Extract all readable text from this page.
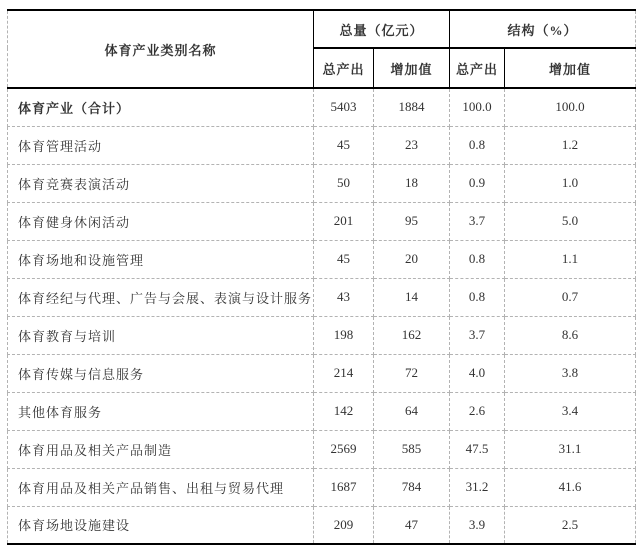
体育产业类别名称	总量（亿元）		结构（%）	
	总产出	增加值	总产出	增加值
体育产业（合计）	5403	1884	100.0	100.0
体育管理活动	45	23	0.8	1.2
体育竞赛表演活动	50	18	0.9	1.0
体育健身休闲活动	201	95	3.7	5.0
体育场地和设施管理	45	20	0.8	1.1
体育经纪与代理、广告与会展、表演与设计服务	43	14	0.8	0.7
体育教育与培训	198	162	3.7	8.6
体育传媒与信息服务	214	72	4.0	3.8
其他体育服务	142	64	2.6	3.4
体育用品及相关产品制造	2569	585	47.5	31.1
体育用品及相关产品销售、出租与贸易代理	1687	784	31.2	41.6
体育场地设施建设	209	47	3.9	2.5
